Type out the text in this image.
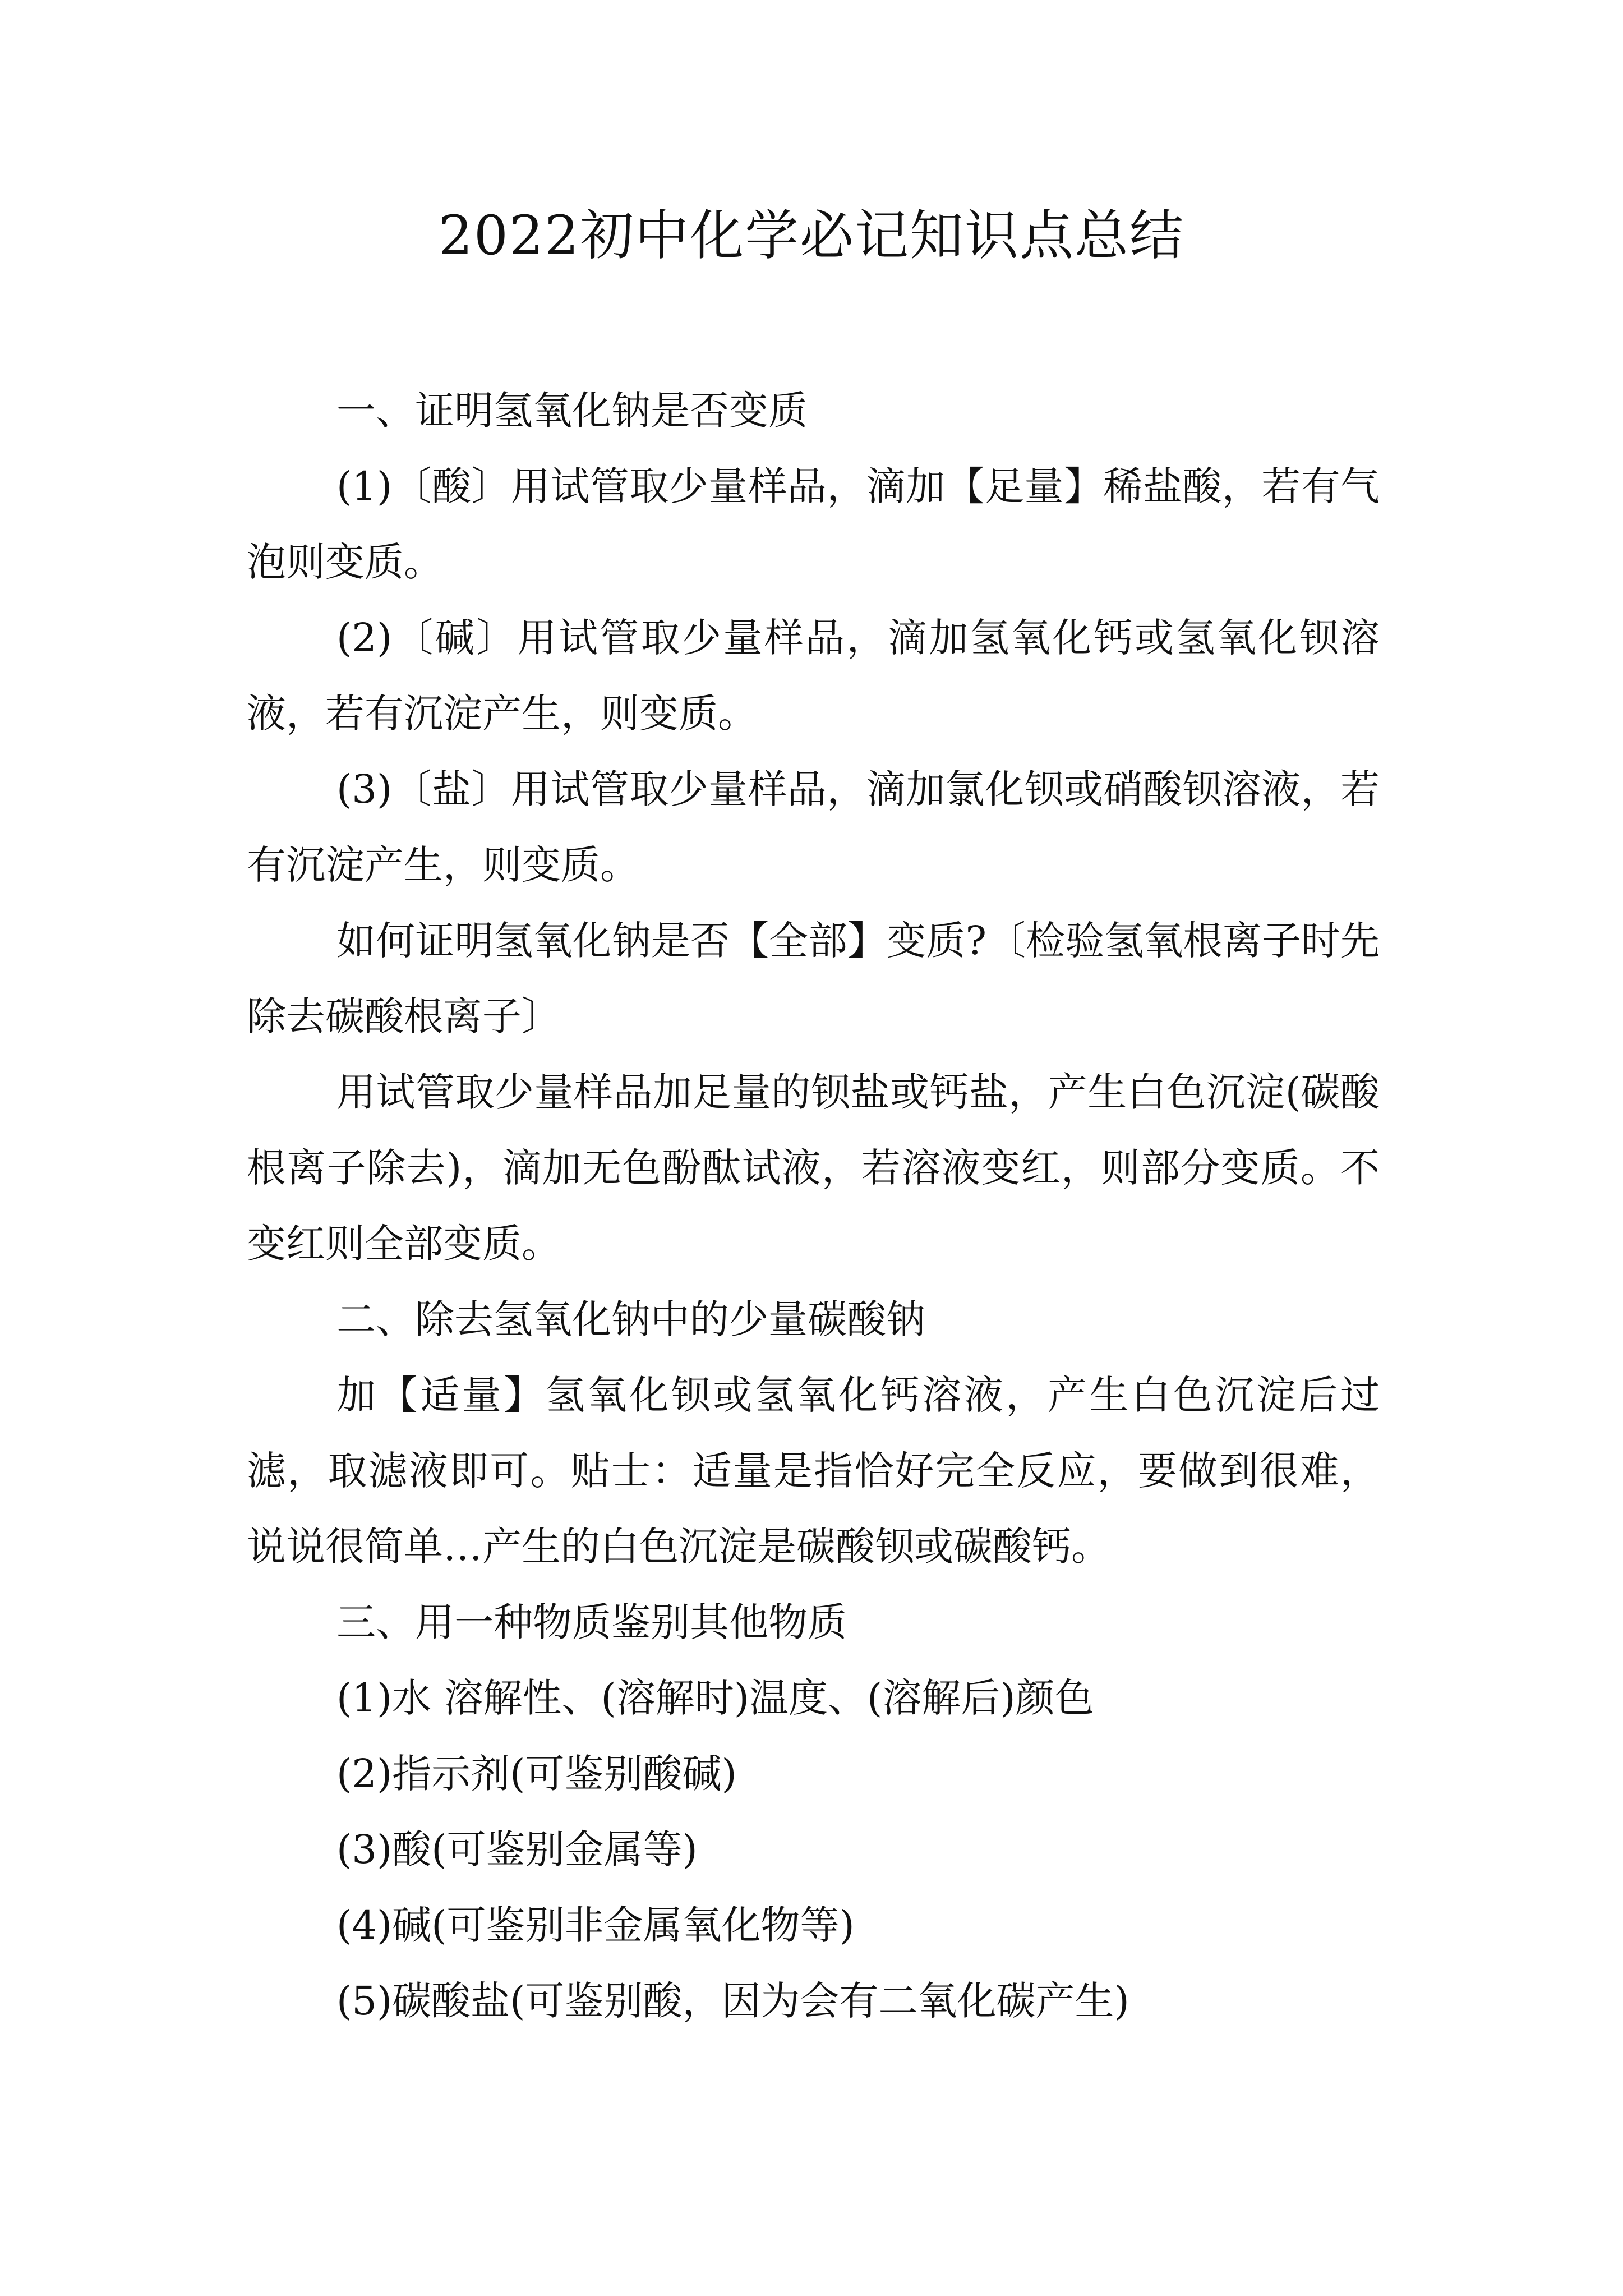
2022初中化学必记知识点总结

一、证明氢氧化钠是否变质

(1)〔酸〕用试管取少量样品，滴加【足量】稀盐酸，若有气泡则变质。

(2)〔碱〕用试管取少量样品，滴加氢氧化钙或氢氧化钡溶液，若有沉淀产生，则变质。

(3)〔盐〕用试管取少量样品，滴加氯化钡或硝酸钡溶液，若有沉淀产生，则变质。

如何证明氢氧化钠是否【全部】变质?〔检验氢氧根离子时先除去碳酸根离子〕

用试管取少量样品加足量的钡盐或钙盐，产生白色沉淀(碳酸根离子除去)，滴加无色酚酞试液，若溶液变红，则部分变质。不变红则全部变质。

二、除去氢氧化钠中的少量碳酸钠

加【适量】氢氧化钡或氢氧化钙溶液，产生白色沉淀后过滤，取滤液即可。贴士：适量是指恰好完全反应，要做到很难，说说很简单…产生的白色沉淀是碳酸钡或碳酸钙。

三、用一种物质鉴别其他物质

(1)水 溶解性、(溶解时)温度、(溶解后)颜色

(2)指示剂(可鉴别酸碱)

(3)酸(可鉴别金属等)

(4)碱(可鉴别非金属氧化物等)

(5)碳酸盐(可鉴别酸，因为会有二氧化碳产生)
